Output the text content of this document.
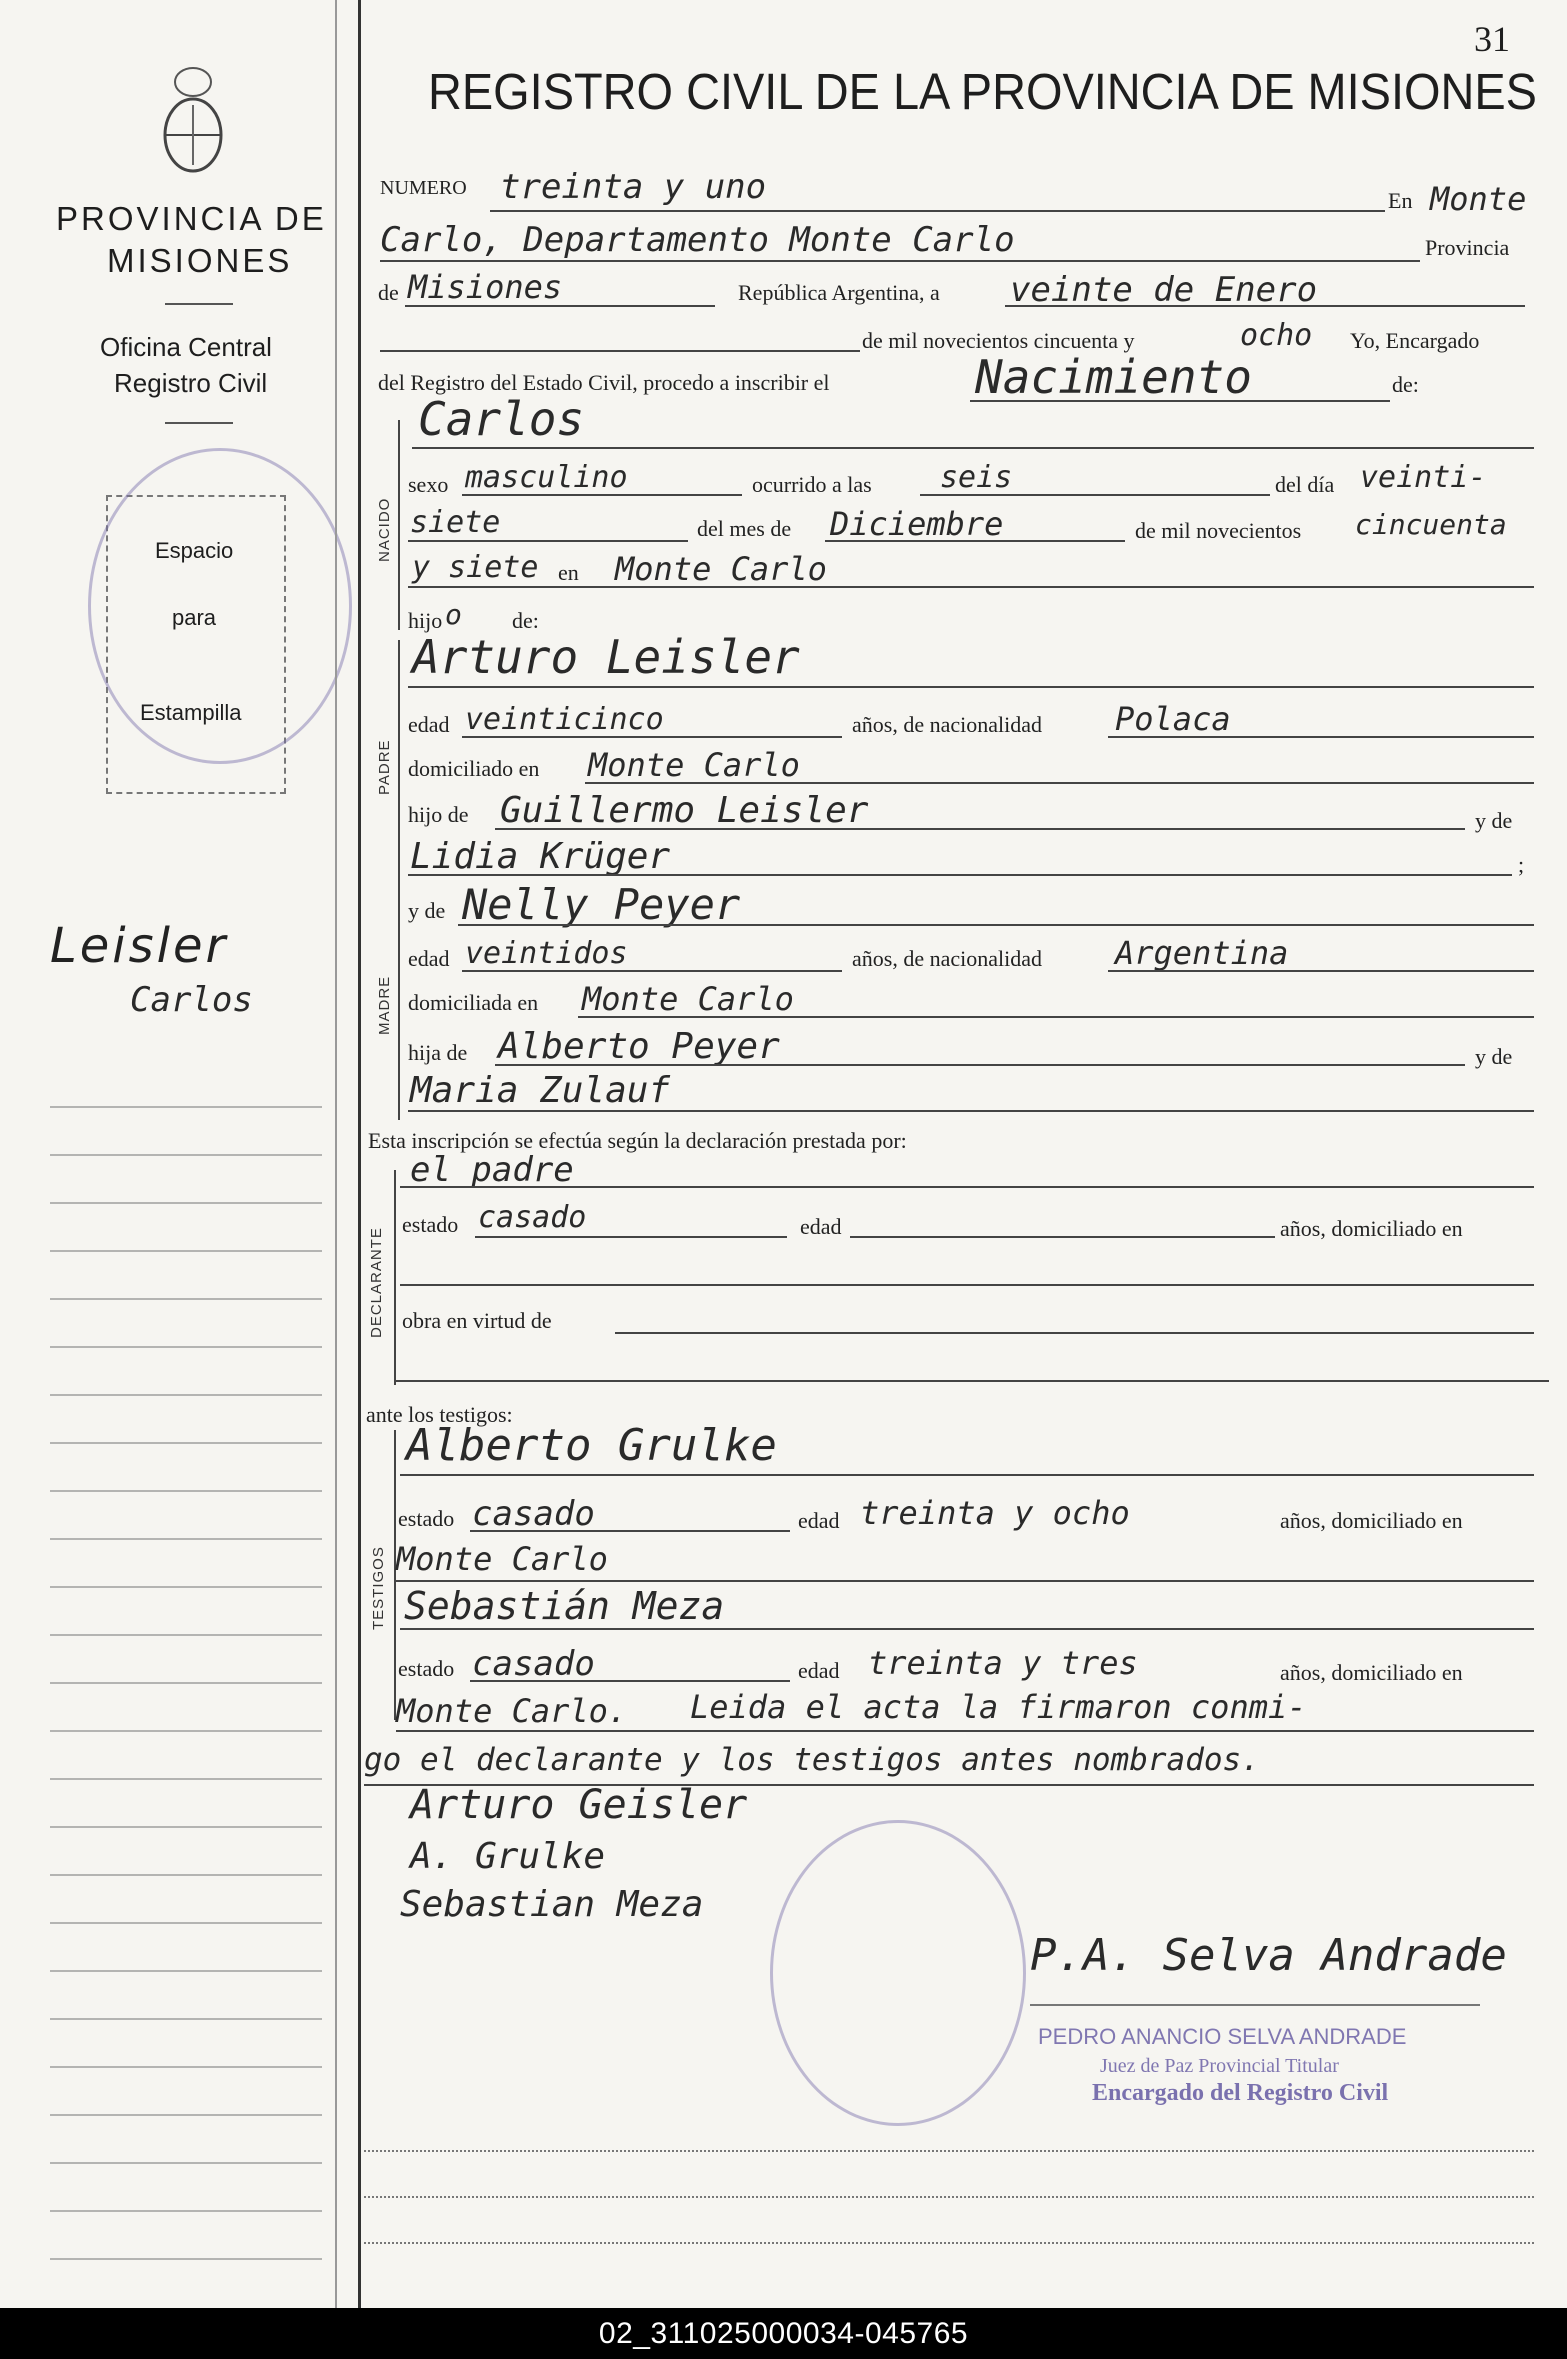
31
PROVINCIA DE
MISIONES
Oficina Central
Registro Civil
Espacio
para
Estampilla
Leisler
Carlos
REGISTRO CIVIL DE LA PROVINCIA DE MISIONES
NUMERO treinta y uno	En Monte
Carlo, Departamento Monte Carlo	Provincia
de Misiones	República Argentina, a veinte de Enero
de mil novecientos cincuenta y	ocho Yo, Encargado
del Registro del Estado Civil, procedo a inscribir el	Nacimiento	de:
NACIDO
Carlos
sexo masculino	ocurrido a las seis	del día veinti-
siete	del mes de Diciembre	de mil novecientos cincuenta
y siete en Monte Carlo
hijo o de:
PADRE
Arturo Leisler
edad veinticinco	años, de nacionalidad Polaca
domiciliado en Monte Carlo
hijo de Guillermo Leisler	y de
Lidia Krüger	;
MADRE
y de Nelly Peyer
edad veintidos	años, de nacionalidad Argentina
domiciliada en Monte Carlo
hija de Alberto Peyer	y de
Maria Zulauf
Esta inscripción se efectúa según la declaración prestada por:
el padre
DECLARANTE
estado casado	edad	años, domiciliado en
obra en virtud de
ante los testigos:
TESTIGOS
Alberto Grulke
estado casado	edad treinta y ocho	años, domiciliado en
Monte Carlo
Sebastián Meza
estado casado	edad treinta y tres	años, domiciliado en
Monte Carlo. Leida el acta la firmaron conmi-
go el declarante y los testigos antes nombrados.
Arturo Geisler
A. Grulke
Sebastian Meza
P.A. Selva Andrade
PEDRO ANANCIO SELVA ANDRADE
Juez de Paz Provincial Titular
Encargado del Registro Civil
02_311025000034-045765
